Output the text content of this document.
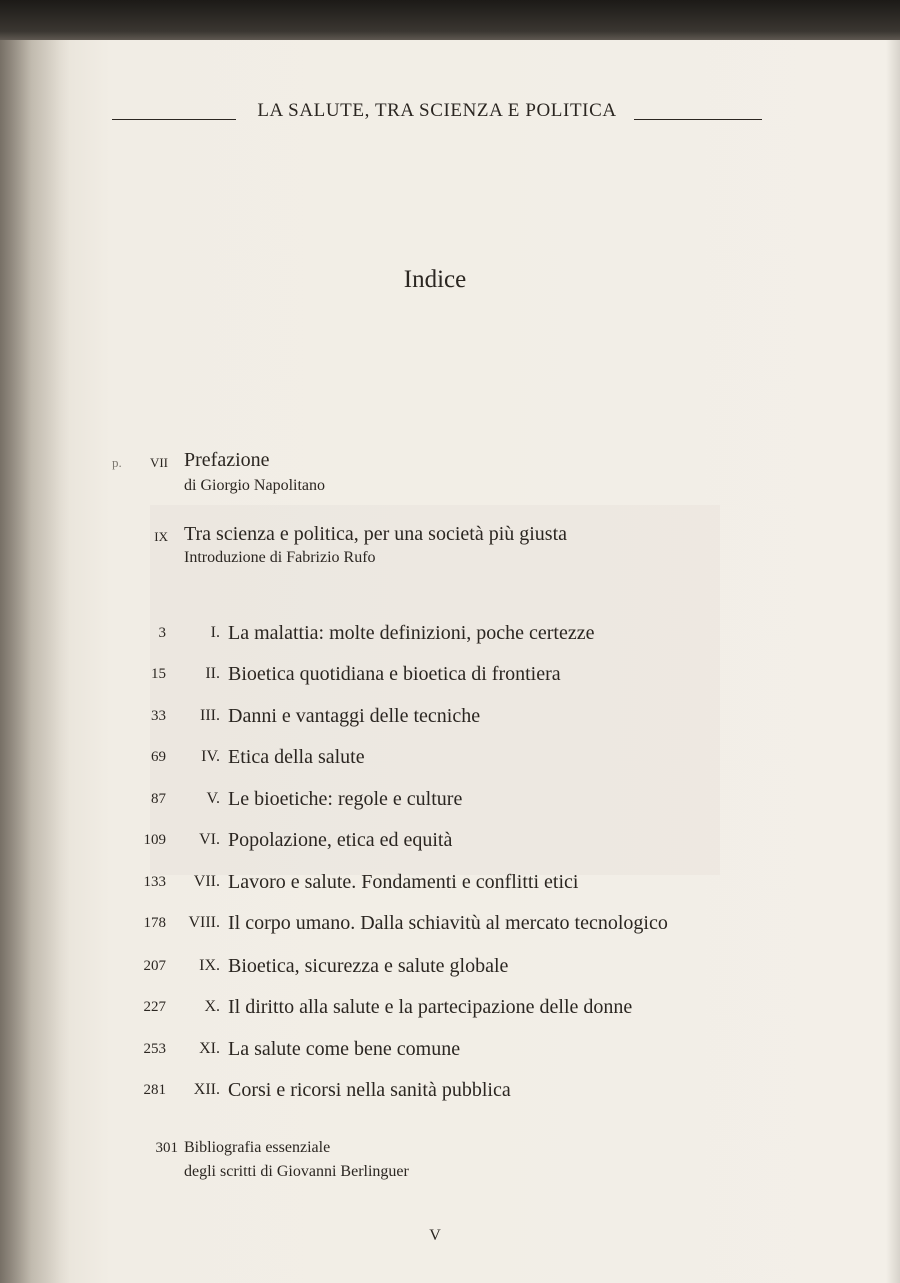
LA SALUTE, TRA SCIENZA E POLITICA
Indice
p.	VII Prefazione
di Giorgio Napolitano
IX Tra scienza e politica, per una società più giusta
Introduzione di Fabrizio Rufo
3	I. La malattia: molte definizioni, poche certezze
15	II. Bioetica quotidiana e bioetica di frontiera
33	III. Danni e vantaggi delle tecniche
69	IV. Etica della salute
87	V. Le bioetiche: regole e culture
109	VI. Popolazione, etica ed equità
133	VII. Lavoro e salute. Fondamenti e conflitti etici
178	VIII. Il corpo umano. Dalla schiavitù al mercato tecnologico
207	IX. Bioetica, sicurezza e salute globale
227	X. Il diritto alla salute e la partecipazione delle donne
253	XI. La salute come bene comune
281	XII. Corsi e ricorsi nella sanità pubblica
301 Bibliografia essenziale
degli scritti di Giovanni Berlinguer
V
